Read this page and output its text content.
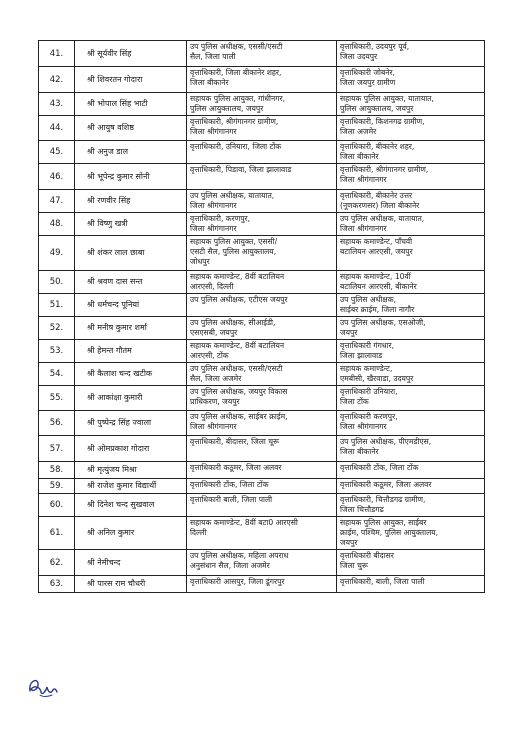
41.	श्री सूर्यवीर सिंह	उप पुलिस अधीक्षक, एससी/एसटी
सैल, जिला पाली	वृत्ताधिकारी, उदयपुर पूर्व,
जिला उदयपुर

42.	श्री शिवरतन गोदारा	वृत्ताधिकारी, जिला बीकानेर शहर,
जिला बीकानेर	वृत्ताधिकारी जोबनेर,
जिला जयपुर ग्रामीण

43.	श्री भोपाल सिंह भाटी	सहायक पुलिस आयुक्त, गांधीनगर,
पुलिस आयुक्तालय, जयपुर	सहायक पुलिस आयुक्त, यातायात,
पुलिस आयुक्तालय, जयपुर

44.	श्री आयुष वशिष्ठ	वृत्ताधिकारी, श्रीगंगानगर ग्रामीण,
जिला श्रीगंगानगर	वृत्ताधिकारी, किशनगढ ग्रामीण,
जिला अजमेर

45.	श्री अनुज डाल	वृत्ताधिकारी, उनियारा, जिला टोंक	वृत्ताधिकारी, बीकानेर शहर,
जिला बीकानेर

46.	श्री भूपेन्द्र कुमार सोनी	वृत्ताधिकारी, पिडावा, जिला झालावाड	वृत्ताधिकारी, श्रीगंगानगर ग्रामीण,
जिला श्रीगंगानगर

47.	श्री रणवीर सिंह	उप पुलिस अधीक्षक, यातायात,
जिला श्रीगंगानगर	वृत्ताधिकारी, बीकानेर उत्तर
(नूणकरणसर) जिला बीकानेर

48.	श्री विष्णु खत्री	वृत्ताधिकारी, करणपुर,
जिला श्रीगंगानगर	उप पुलिस अधीक्षक, यातायात,
जिला श्रीगंगानगर

49.	श्री शंकर लाल छाबा	सहायक पुलिस आयुक्त, एससी/
एसटी सैल, पुलिस आयुक्तालय,
जोधपुर	सहायक कमाण्डेन्ट, पाँचवी
बटालियन आरएसी, जयपुर

50.	श्री श्रवण दास सन्त	सहायक कमाण्डेन्ट, 8वीं बटालियन
आरएसी, दिल्ली	सहायक कमाण्डेन्ट, 10वीं
बटालियन आरएसी, बीकानेर

51.	श्री धर्मचन्द पूनियां	उप पुलिस अधीक्षक, एटीएस जयपुर	उप पुलिस अधीक्षक,
साईबर क्राईम, जिला नागौर

52.	श्री मनीष कुमार शर्मा	उप पुलिस अधीक्षक, सीआईडी,
एसएसबी, जयपुर	उप पुलिस अधीक्षक, एसओजी,
जयपुर

53.	श्री हेमन्त गौतम	सहायक कमाण्डेन्ट, 8वीं बटालियन
आरएसी, टोंक	वृत्ताधिकारी गंगधार,
जिला झालावाड

54.	श्री कैलाश चन्द खटीक	उप पुलिस अधीक्षक, एससी/एसटी
सैल, जिला अजमेर	सहायक कमाण्डेन्ट,
एमबीसी, खैरवाडा, उदयपुर

55.	श्री आकांक्षा कुमारी	उप पुलिस अधीक्षक, जयपुर विकास
प्राधिकरण, जयपुर	वृत्ताधिकारी उनियारा,
जिला टोंक

56.	श्री पुष्पेन्द्र सिंह ज्वाला	उप पुलिस अधीक्षक, साईबर क्राईम,
जिला श्रीगंगानगर	वृत्ताधिकारी करणपुर,
जिला श्रीगंगानगर

57.	श्री ओमप्रकाश गोदारा	वृत्ताधिकारी, बीदासर, जिला चूरू	उप पुलिस अधीक्षक, पीएमडीएस,
जिला बीकानेर

58.	श्री मृत्युंजय मिश्रा	वृत्ताधिकारी कठूमर, जिला अलवर	वृत्ताधिकारी टोंक, जिला टोंक

59.	श्री राजेश कुमार विद्यार्थी	वृत्ताधिकारी टोंक, जिला टोंक	वृत्ताधिकारी कठूमर, जिला अलवर

60.	श्री दिनेश चन्द सुखवाल	वृत्ताधिकारी बाली, जिला पाली	वृत्ताधिकारी, चित्तौडगढ ग्रामीण,
जिला चित्तौडगढ

61.	श्री अनिल कुमार	सहायक कमाण्डेन्ट, 8वीं बटा0 आरएसी
दिल्ली	सहायक पुलिस आयुक्त, साईबर
क्राईम, पश्चिम, पुलिस आयुक्तालय,
जयपुर

62.	श्री नेमीचन्द	उप पुलिस अधीक्षक, महिला अपराध
अनुसंधान सैल, जिला अजमेर	वृत्ताधिकारी बीदासर
जिला चुरू

63.	श्री पारस राम चौधरी	वृत्ताधिकारी आसपुर, जिला डूंगरपुर	वृत्ताधिकारी, बाली, जिला पाली
